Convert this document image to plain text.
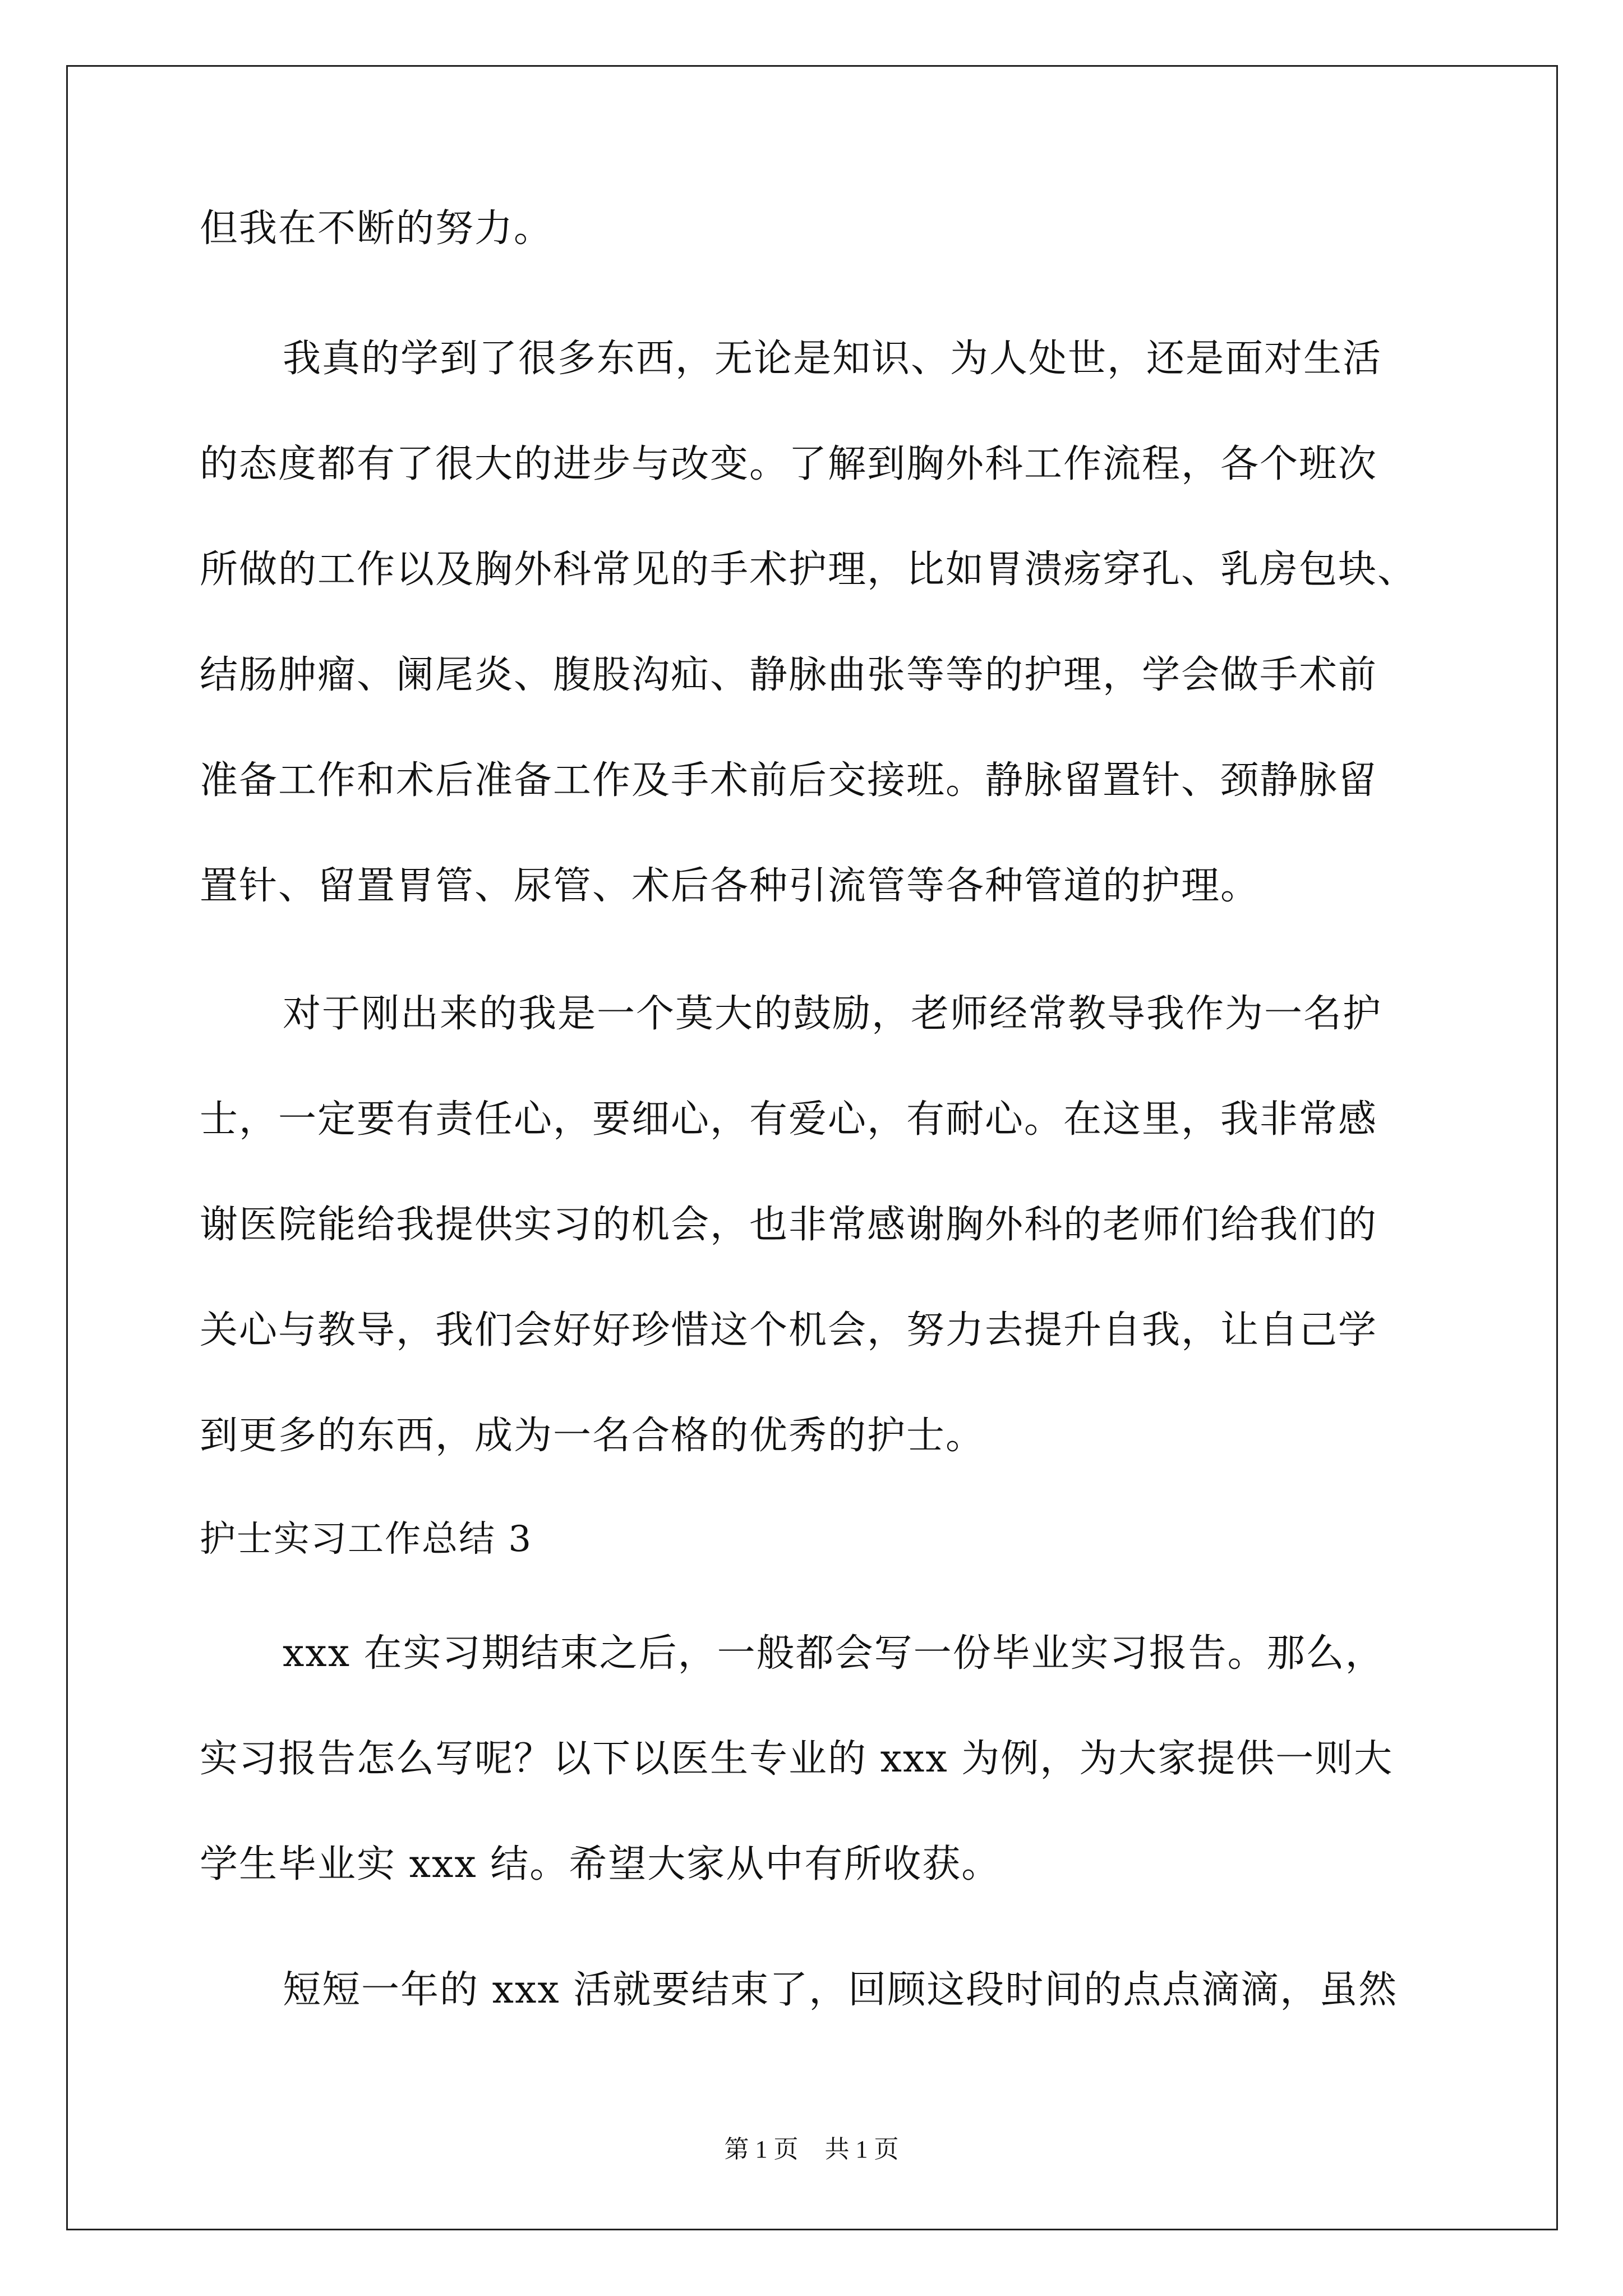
但我在不断的努力。
我真的学到了很多东西，无论是知识、为人处世，还是面对生活
的态度都有了很大的进步与改变。了解到胸外科工作流程，各个班次
所做的工作以及胸外科常见的手术护理，比如胃溃疡穿孔、乳房包块、
结肠肿瘤、阑尾炎、腹股沟疝、静脉曲张等等的护理，学会做手术前
准备工作和术后准备工作及手术前后交接班。静脉留置针、颈静脉留
置针、留置胃管、尿管、术后各种引流管等各种管道的护理。
对于刚出来的我是一个莫大的鼓励，老师经常教导我作为一名护
士，一定要有责任心，要细心，有爱心，有耐心。在这里，我非常感
谢医院能给我提供实习的机会，也非常感谢胸外科的老师们给我们的
关心与教导，我们会好好珍惜这个机会，努力去提升自我，让自己学
到更多的东西，成为一名合格的优秀的护士。
护士实习工作总结 3
xxx 在实习期结束之后，一般都会写一份毕业实习报告。那么，
实习报告怎么写呢？以下以医生专业的 xxx 为例，为大家提供一则大
学生毕业实 xxx 结。希望大家从中有所收获。
短短一年的 xxx 活就要结束了，回顾这段时间的点点滴滴，虽然
第 1 页 共 1 页
